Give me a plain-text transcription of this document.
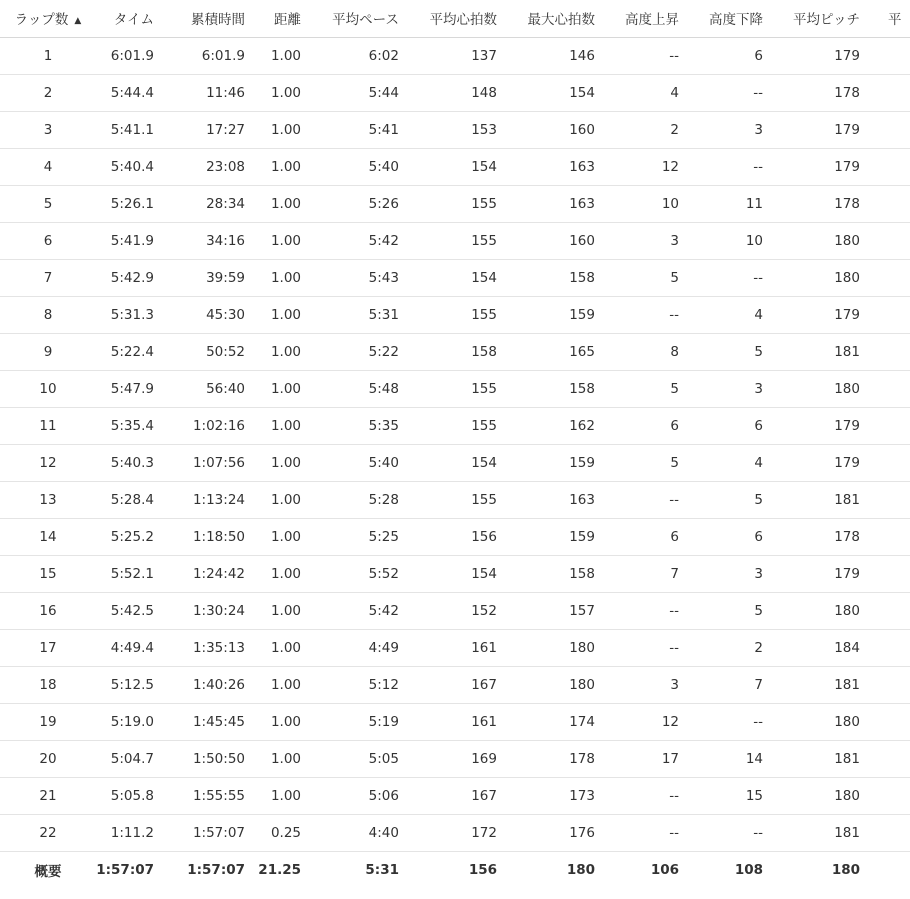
ラップ数 ▲	タイム	累積時間	距離	平均ペース	平均心拍数	最大心拍数	高度上昇	高度下降	平均ピッチ	平
1	6:01.9	6:01.9	1.00	6:02	137	146	--	6	179	
2	5:44.4	11:46	1.00	5:44	148	154	4	--	178	
3	5:41.1	17:27	1.00	5:41	153	160	2	3	179	
4	5:40.4	23:08	1.00	5:40	154	163	12	--	179	
5	5:26.1	28:34	1.00	5:26	155	163	10	11	178	
6	5:41.9	34:16	1.00	5:42	155	160	3	10	180	
7	5:42.9	39:59	1.00	5:43	154	158	5	--	180	
8	5:31.3	45:30	1.00	5:31	155	159	--	4	179	
9	5:22.4	50:52	1.00	5:22	158	165	8	5	181	
10	5:47.9	56:40	1.00	5:48	155	158	5	3	180	
11	5:35.4	1:02:16	1.00	5:35	155	162	6	6	179	
12	5:40.3	1:07:56	1.00	5:40	154	159	5	4	179	
13	5:28.4	1:13:24	1.00	5:28	155	163	--	5	181	
14	5:25.2	1:18:50	1.00	5:25	156	159	6	6	178	
15	5:52.1	1:24:42	1.00	5:52	154	158	7	3	179	
16	5:42.5	1:30:24	1.00	5:42	152	157	--	5	180	
17	4:49.4	1:35:13	1.00	4:49	161	180	--	2	184	
18	5:12.5	1:40:26	1.00	5:12	167	180	3	7	181	
19	5:19.0	1:45:45	1.00	5:19	161	174	12	--	180	
20	5:04.7	1:50:50	1.00	5:05	169	178	17	14	181	
21	5:05.8	1:55:55	1.00	5:06	167	173	--	15	180	
22	1:11.2	1:57:07	0.25	4:40	172	176	--	--	181	
概要	1:57:07	1:57:07	21.25	5:31	156	180	106	108	180	
